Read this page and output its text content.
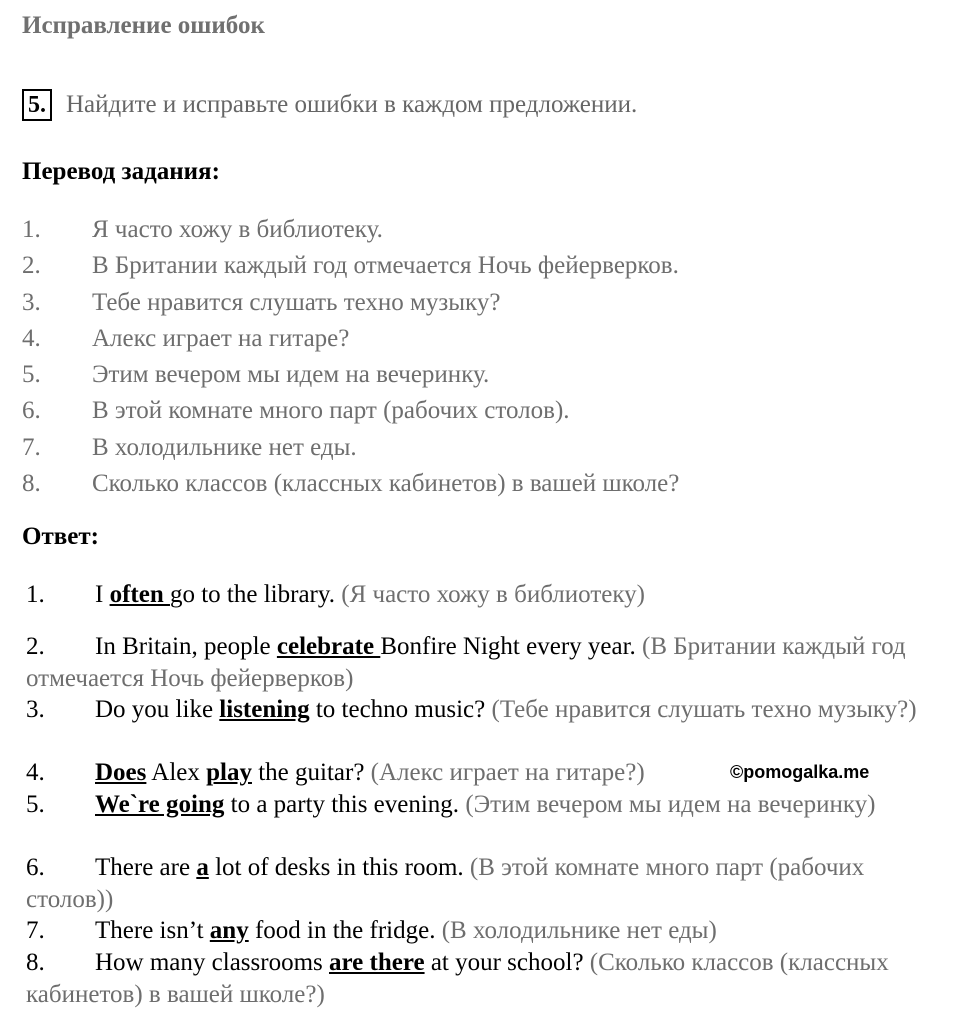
Исправление ошибок
5. Найдите и исправьте ошибки в каждом предложении.
Перевод задания:
1. Я часто хожу в библиотеку.
2. В Британии каждый год отмечается Ночь фейерверков.
3. Тебе нравится слушать техно музыку?
4. Алекс играет на гитаре?
5. Этим вечером мы идем на вечеринку.
6. В этой комнате много парт (рабочих столов).
7. В холодильнике нет еды.
8. Сколько классов (классных кабинетов) в вашей школе?
Ответ:
1. I often go to the library. (Я часто хожу в библиотеку)
2. In Britain, people celebrate Bonfire Night every year. (В Британии каждый год отмечается Ночь фейерверков)
3. Do you like listening to techno music? (Тебе нравится слушать техно музыку?)
4. Does Alex play the guitar? (Алекс играет на гитаре?)	©pomogalka.me
5. We`re going to a party this evening. (Этим вечером мы идем на вечеринку)
6. There are a lot of desks in this room. (В этой комнате много парт (рабочих столов))
7. There isn’t any food in the fridge. (В холодильнике нет еды)
8. How many classrooms are there at your school? (Сколько классов (классных кабинетов) в вашей школе?)
